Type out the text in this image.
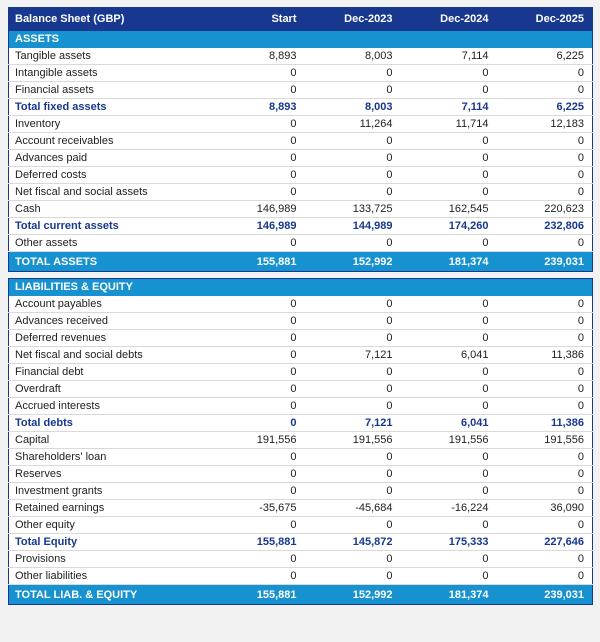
Balance Sheet (GBP)	Start	Dec-2023	Dec-2024	Dec-2025
ASSETS				
Tangible assets	8,893	8,003	7,114	6,225
Intangible assets	0	0	0	0
Financial assets	0	0	0	0
Total fixed assets	8,893	8,003	7,114	6,225
Inventory	0	11,264	11,714	12,183
Account receivables	0	0	0	0
Advances paid	0	0	0	0
Deferred costs	0	0	0	0
Net fiscal and social assets	0	0	0	0
Cash	146,989	133,725	162,545	220,623
Total current assets	146,989	144,989	174,260	232,806
Other assets	0	0	0	0
TOTAL ASSETS	155,881	152,992	181,374	239,031
LIABILITIES & EQUITY				
Account payables	0	0	0	0
Advances received	0	0	0	0
Deferred revenues	0	0	0	0
Net fiscal and social debts	0	7,121	6,041	11,386
Financial debt	0	0	0	0
Overdraft	0	0	0	0
Accrued interests	0	0	0	0
Total debts	0	7,121	6,041	11,386
Capital	191,556	191,556	191,556	191,556
Shareholders' loan	0	0	0	0
Reserves	0	0	0	0
Investment grants	0	0	0	0
Retained earnings	-35,675	-45,684	-16,224	36,090
Other equity	0	0	0	0
Total Equity	155,881	145,872	175,333	227,646
Provisions	0	0	0	0
Other liabilities	0	0	0	0
TOTAL LIAB. & EQUITY	155,881	152,992	181,374	239,031
